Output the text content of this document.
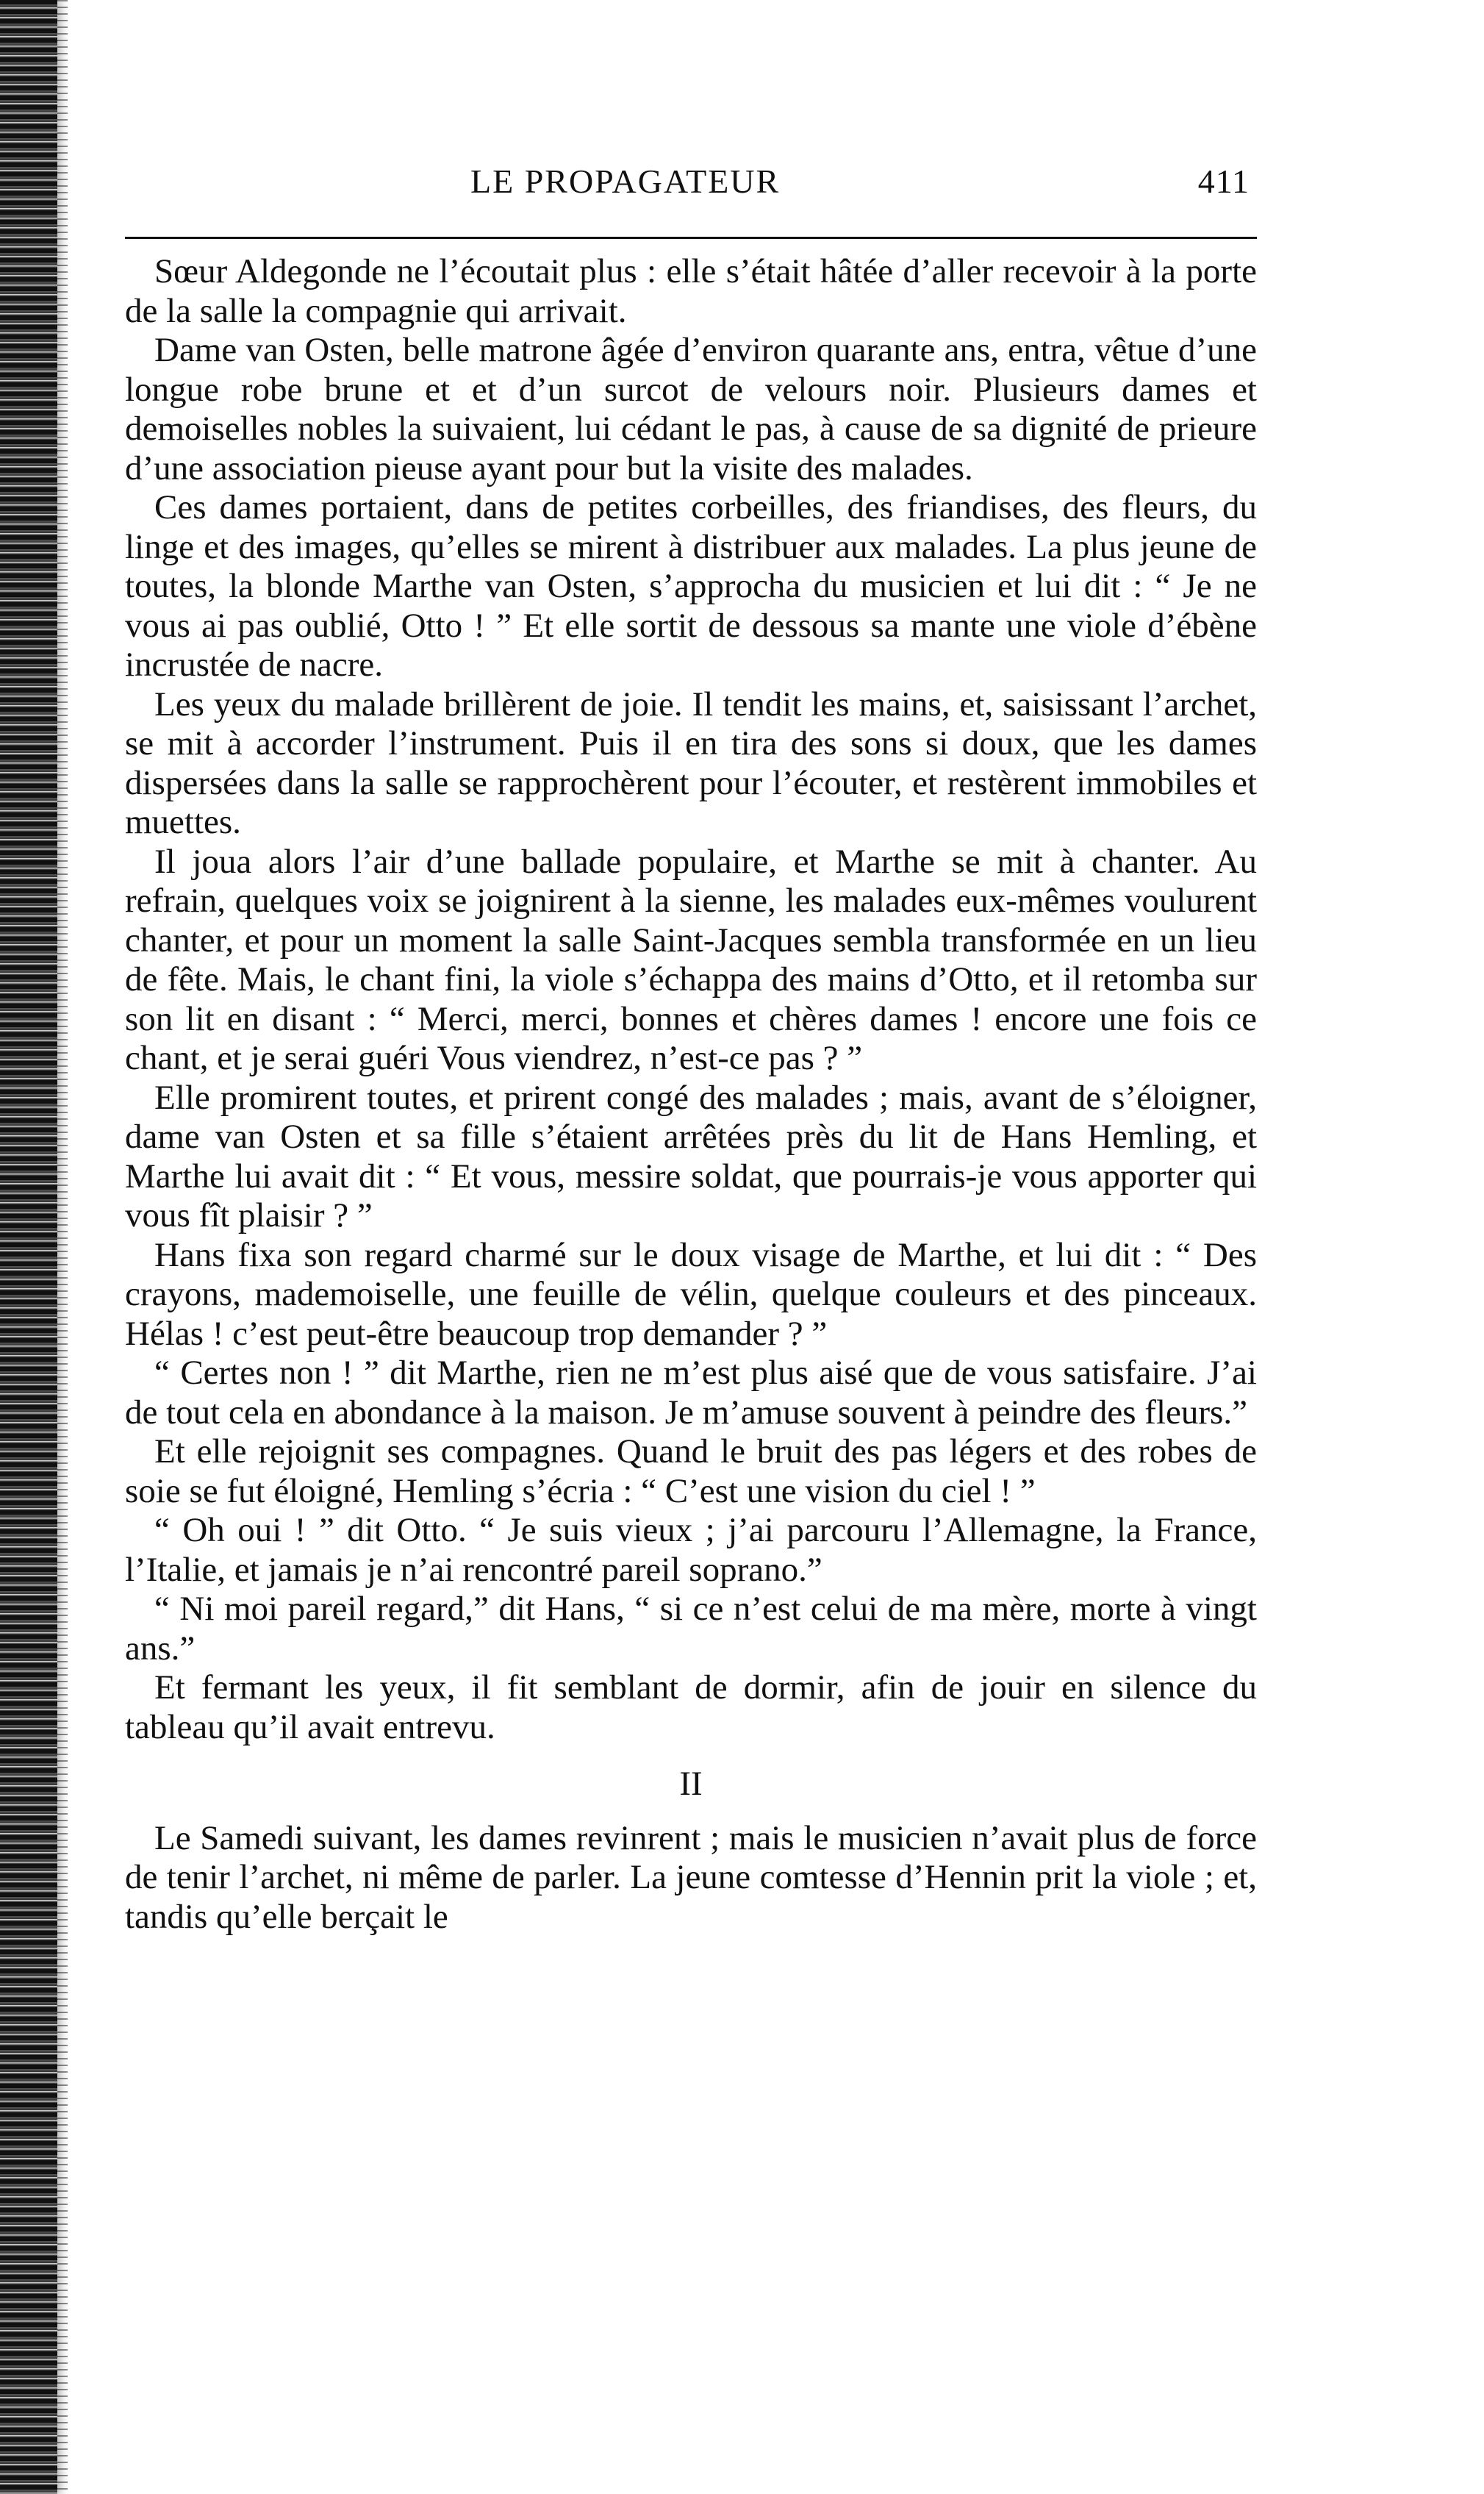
LE PROPAGATEUR	411

Sœur Aldegonde ne l’écoutait plus : elle s’était hâtée d’aller recevoir à la porte de la salle la compagnie qui arrivait.

Dame van Osten, belle matrone âgée d’environ quarante ans, entra, vêtue d’une longue robe brune et et d’un surcot de velours noir. Plusieurs dames et demoiselles nobles la suivaient, lui cédant le pas, à cause de sa dignité de prieure d’une association pieuse ayant pour but la visite des malades.

Ces dames portaient, dans de petites corbeilles, des friandises, des fleurs, du linge et des images, qu’elles se mirent à distribuer aux malades. La plus jeune de toutes, la blonde Marthe van Osten, s’approcha du musicien et lui dit : “ Je ne vous ai pas oublié, Otto ! ” Et elle sortit de dessous sa mante une viole d’ébène incrustée de nacre.

Les yeux du malade brillèrent de joie. Il tendit les mains, et, saisissant l’archet, se mit à accorder l’instrument. Puis il en tira des sons si doux, que les dames dispersées dans la salle se rapprochèrent pour l’écouter, et restèrent immobiles et muettes.

Il joua alors l’air d’une ballade populaire, et Marthe se mit à chanter. Au refrain, quelques voix se joignirent à la sienne, les malades eux-mêmes voulurent chanter, et pour un moment la salle Saint-Jacques sembla transformée en un lieu de fête. Mais, le chant fini, la viole s’échappa des mains d’Otto, et il retomba sur son lit en disant : “ Merci, merci, bonnes et chères dames ! encore une fois ce chant, et je serai guéri Vous viendrez, n’est-ce pas ? ”

Elle promirent toutes, et prirent congé des malades ; mais, avant de s’éloigner, dame van Osten et sa fille s’étaient arrêtées près du lit de Hans Hemling, et Marthe lui avait dit : “ Et vous, messire soldat, que pourrais-je vous apporter qui vous fît plaisir ? ”

Hans fixa son regard charmé sur le doux visage de Marthe, et lui dit : “ Des crayons, mademoiselle, une feuille de vélin, quelque couleurs et des pinceaux. Hélas ! c’est peut-être beaucoup trop demander ? ”

“ Certes non ! ” dit Marthe, rien ne m’est plus aisé que de vous satisfaire. J’ai de tout cela en abondance à la maison. Je m’amuse souvent à peindre des fleurs.”

Et elle rejoignit ses compagnes. Quand le bruit des pas légers et des robes de soie se fut éloigné, Hemling s’écria : “ C’est une vision du ciel ! ”

“ Oh oui ! ” dit Otto. “ Je suis vieux ; j’ai parcouru l’Allemagne, la France, l’Italie, et jamais je n’ai rencontré pareil soprano.”

“ Ni moi pareil regard,” dit Hans, “ si ce n’est celui de ma mère, morte à vingt ans.”

Et fermant les yeux, il fit semblant de dormir, afin de jouir en silence du tableau qu’il avait entrevu.

II

Le Samedi suivant, les dames revinrent ; mais le musicien n’avait plus de force de tenir l’archet, ni même de parler. La jeune comtesse d’Hennin prit la viole ; et, tandis qu’elle berçait le
